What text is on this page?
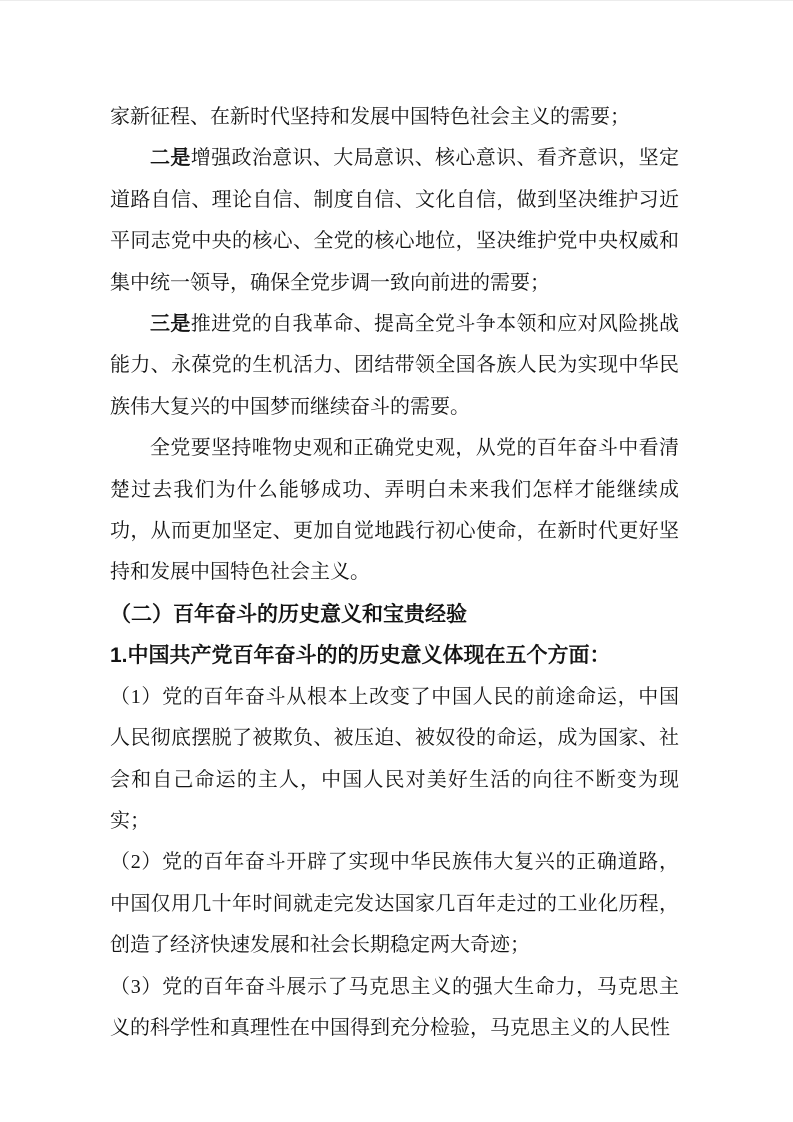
家新征程、在新时代坚持和发展中国特色社会主义的需要；

二是增强政治意识、大局意识、核心意识、看齐意识，坚定道路自信、理论自信、制度自信、文化自信，做到坚决维护习近平同志党中央的核心、全党的核心地位，坚决维护党中央权威和集中统一领导，确保全党步调一致向前进的需要；

三是推进党的自我革命、提高全党斗争本领和应对风险挑战能力、永葆党的生机活力、团结带领全国各族人民为实现中华民族伟大复兴的中国梦而继续奋斗的需要。

全党要坚持唯物史观和正确党史观，从党的百年奋斗中看清楚过去我们为什么能够成功、弄明白未来我们怎样才能继续成功，从而更加坚定、更加自觉地践行初心使命，在新时代更好坚持和发展中国特色社会主义。

（二）百年奋斗的历史意义和宝贵经验

1.中国共产党百年奋斗的的历史意义体现在五个方面：

（1）党的百年奋斗从根本上改变了中国人民的前途命运，中国人民彻底摆脱了被欺负、被压迫、被奴役的命运，成为国家、社会和自己命运的主人，中国人民对美好生活的向往不断变为现实；

（2）党的百年奋斗开辟了实现中华民族伟大复兴的正确道路，中国仅用几十年时间就走完发达国家几百年走过的工业化历程，创造了经济快速发展和社会长期稳定两大奇迹；

（3）党的百年奋斗展示了马克思主义的强大生命力，马克思主义的科学性和真理性在中国得到充分检验，马克思主义的人民性
